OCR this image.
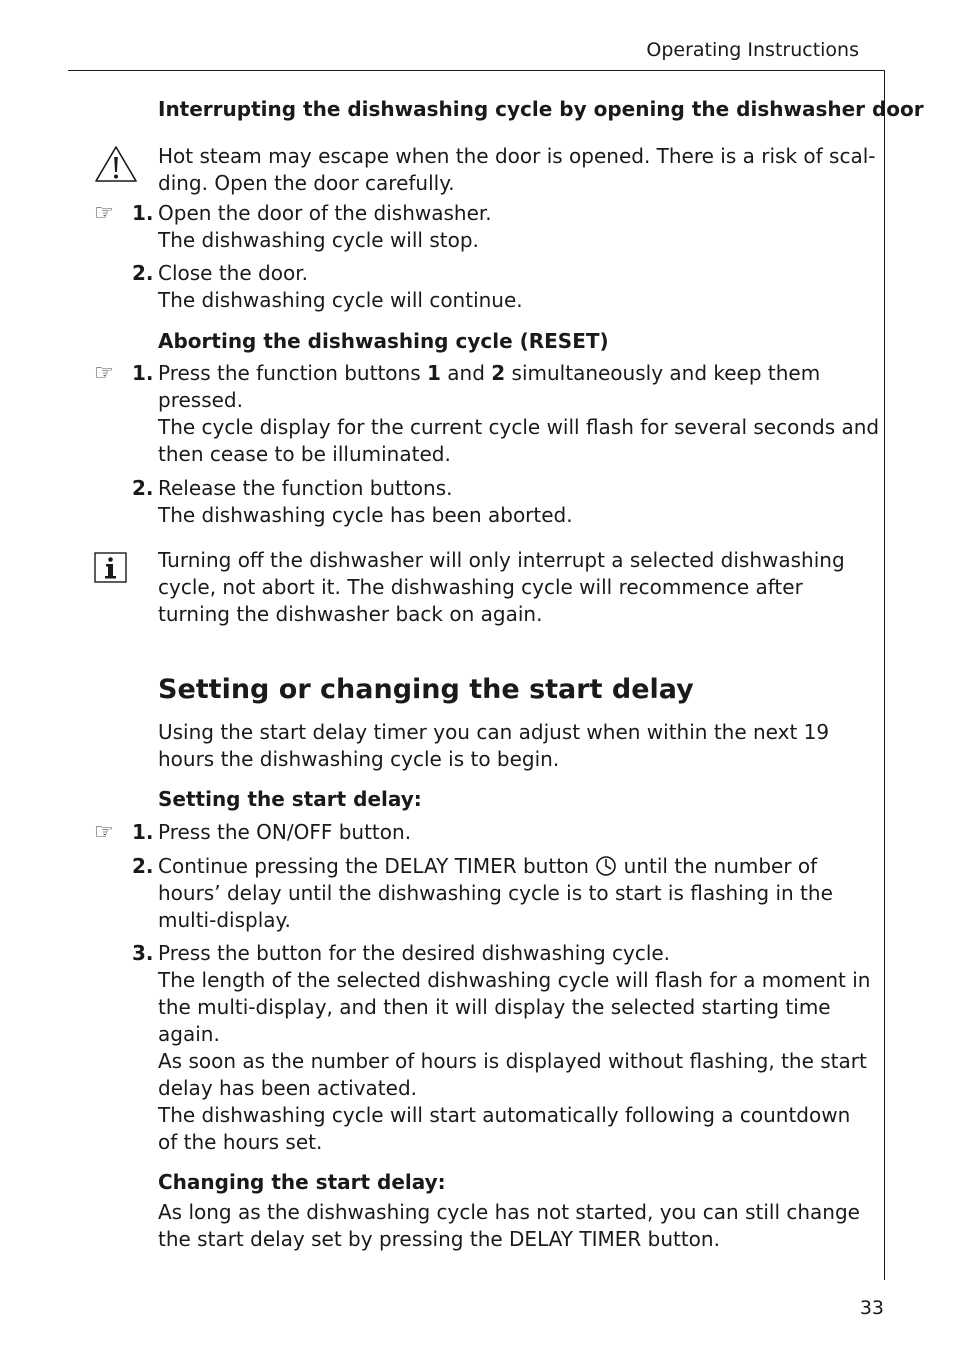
Operating Instructions
Interrupting the dishwashing cycle by opening the dishwasher door
Hot steam may escape when the door is opened. There is a risk of scal-
ding. Open the door carefully.
☞ 1. Open the door of the dishwasher.
The dishwashing cycle will stop.
2. Close the door.
The dishwashing cycle will continue.
Aborting the dishwashing cycle (RESET)
☞ 1. Press the function buttons 1 and 2 simultaneously and keep them
pressed.
The cycle display for the current cycle will flash for several seconds and
then cease to be illuminated.
2. Release the function buttons.
The dishwashing cycle has been aborted.
Turning off the dishwasher will only interrupt a selected dishwashing
cycle, not abort it. The dishwashing cycle will recommence after
turning the dishwasher back on again.
Setting or changing the start delay
Using the start delay timer you can adjust when within the next 19
hours the dishwashing cycle is to begin.
Setting the start delay:
☞ 1. Press the ON/OFF button.
2. Continue pressing the DELAY TIMER button  until the number of
hours’ delay until the dishwashing cycle is to start is flashing in the
multi-display.
3. Press the button for the desired dishwashing cycle.
The length of the selected dishwashing cycle will flash for a moment in
the multi-display, and then it will display the selected starting time
again.
As soon as the number of hours is displayed without flashing, the start
delay has been activated.
The dishwashing cycle will start automatically following a countdown
of the hours set.
Changing the start delay:
As long as the dishwashing cycle has not started, you can still change
the start delay set by pressing the DELAY TIMER button.
33
